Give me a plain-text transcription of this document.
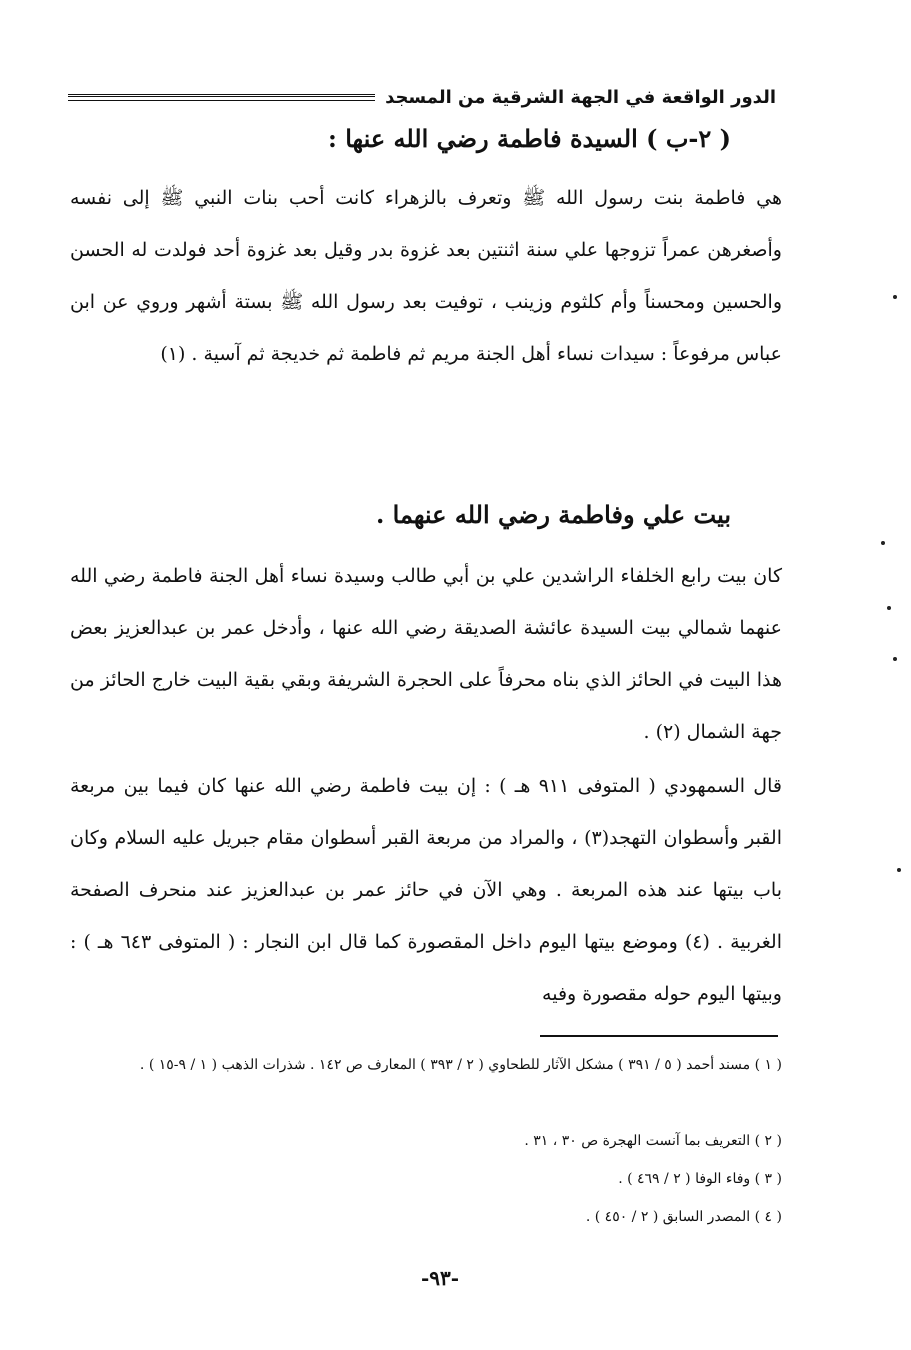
الدور الواقعة في الجهة الشرقية من المسجد
( ٢-ب ) السيدة فاطمة رضي الله عنها :
هي فاطمة بنت رسول الله ﷺ وتعرف بالزهراء كانت أحب بنات النبي ﷺ إلى نفسه وأصغرهن عمراً تزوجها علي سنة اثنتين بعد غزوة بدر وقيل بعد غزوة أحد فولدت له الحسن والحسين ومحسناً وأم كلثوم وزينب ، توفيت بعد رسول الله ﷺ بستة أشهر وروي عن ابن عباس مرفوعاً : سيدات نساء أهل الجنة مريم ثم فاطمة ثم خديجة ثم آسية . (١)
بيت علي وفاطمة رضي الله عنهما .
كان بيت رابع الخلفاء الراشدين علي بن أبي طالب وسيدة نساء أهل الجنة فاطمة رضي الله عنهما شمالي بيت السيدة عائشة الصديقة رضي الله عنها ، وأدخل عمر بن عبدالعزيز بعض هذا البيت في الحائز الذي بناه محرفاً على الحجرة الشريفة وبقي بقية البيت خارج الحائز من جهة الشمال (٢) .
قال السمهودي ( المتوفى ٩١١ هـ ) : إن بيت فاطمة رضي الله عنها كان فيما بين مربعة القبر وأسطوان التهجد(٣) ، والمراد من مربعة القبر أسطوان مقام جبريل عليه السلام وكان باب بيتها عند هذه المربعة . وهي الآن في حائز عمر بن عبدالعزيز عند منحرف الصفحة الغربية . (٤) وموضع بيتها اليوم داخل المقصورة كما قال ابن النجار : ( المتوفى ٦٤٣ هـ ) : وبيتها اليوم حوله مقصورة وفيه
( ١ ) مسند أحمد ( ٥ / ٣٩١ ) مشكل الآثار للطحاوي ( ٢ / ٣٩٣ ) المعارف ص ١٤٢ . شذرات الذهب ( ١ / ٩-١٥ ) .
( ٢ ) التعريف بما آنست الهجرة ص ٣٠ ، ٣١ .
( ٣ ) وفاء الوفا ( ٢ / ٤٦٩ ) .
( ٤ ) المصدر السابق ( ٢ / ٤٥٠ ) .
-٩٣-
